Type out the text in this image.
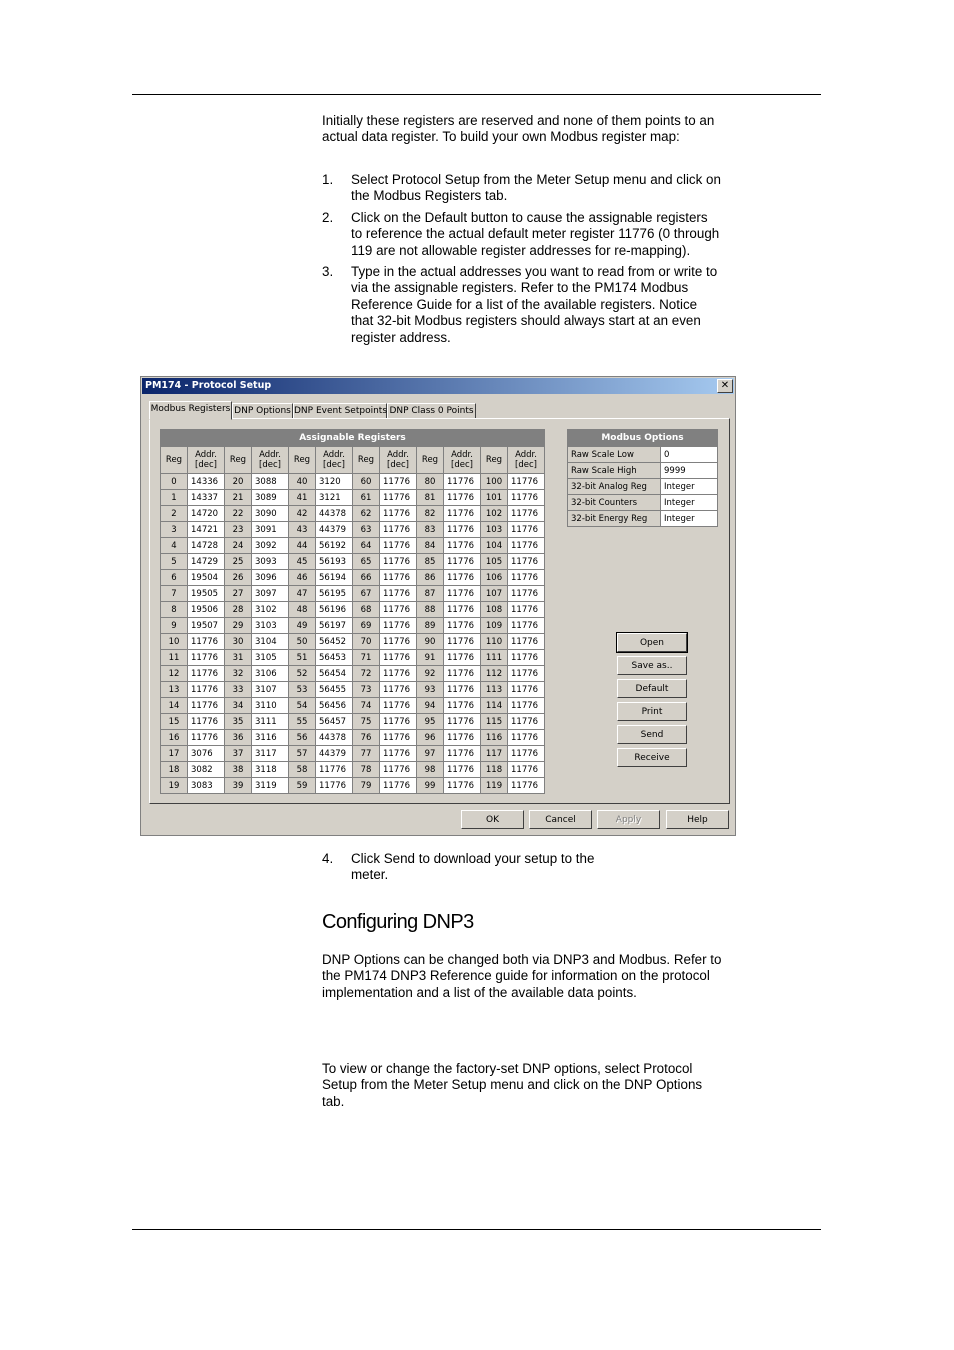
Initially these registers are reserved and none of them points to an actual data register. To build your own Modbus register map:

1. Select Protocol Setup from the Meter Setup menu and click on the Modbus Registers tab.
2. Click on the Default button to cause the assignable registers to reference the actual default meter register 11776 (0 through 119 are not allowable register addresses for re-mapping).
3. Type in the actual addresses you want to read from or write to via the assignable registers. Refer to the PM174 Modbus Reference Guide for a list of the available registers. Notice that 32-bit Modbus registers should always start at an even register address.
PM174 - Protocol Setup	✕
Modbus Registers DNP Options DNP Event Setpoints DNP Class 0 Points
Assignable Registers											
Reg	Addr.
[dec]	Reg	Addr.
[dec]	Reg	Addr.
[dec]	Reg	Addr.
[dec]	Reg	Addr.
[dec]	Reg	Addr.
[dec]
0	14336	20	3088	40	3120	60	11776	80	11776	100	11776
1	14337	21	3089	41	3121	61	11776	81	11776	101	11776
2	14720	22	3090	42	44378	62	11776	82	11776	102	11776
3	14721	23	3091	43	44379	63	11776	83	11776	103	11776
4	14728	24	3092	44	56192	64	11776	84	11776	104	11776
5	14729	25	3093	45	56193	65	11776	85	11776	105	11776
6	19504	26	3096	46	56194	66	11776	86	11776	106	11776
7	19505	27	3097	47	56195	67	11776	87	11776	107	11776
8	19506	28	3102	48	56196	68	11776	88	11776	108	11776
9	19507	29	3103	49	56197	69	11776	89	11776	109	11776
10	11776	30	3104	50	56452	70	11776	90	11776	110	11776
11	11776	31	3105	51	56453	71	11776	91	11776	111	11776
12	11776	32	3106	52	56454	72	11776	92	11776	112	11776
13	11776	33	3107	53	56455	73	11776	93	11776	113	11776
14	11776	34	3110	54	56456	74	11776	94	11776	114	11776
15	11776	35	3111	55	56457	75	11776	95	11776	115	11776
16	11776	36	3116	56	44378	76	11776	96	11776	116	11776
17	3076	37	3117	57	44379	77	11776	97	11776	117	11776
18	3082	38	3118	58	11776	78	11776	98	11776	118	11776
19	3083	39	3119	59	11776	79	11776	99	11776	119	11776
Modbus Options	
Raw Scale Low	0
Raw Scale High	9999
32-bit Analog Reg	Integer
32-bit Counters	Integer
32-bit Energy Reg	Integer
Open
Save as..
Default
Print
Send
Receive
OK	Cancel	Apply	Help
4. Click Send to download your setup to the meter.
Configuring DNP3

DNP Options can be changed both via DNP3 and Modbus. Refer to the PM174 DNP3 Reference guide for information on the protocol implementation and a list of the available data points.

To view or change the factory-set DNP options, select Protocol Setup from the Meter Setup menu and click on the DNP Options tab.
